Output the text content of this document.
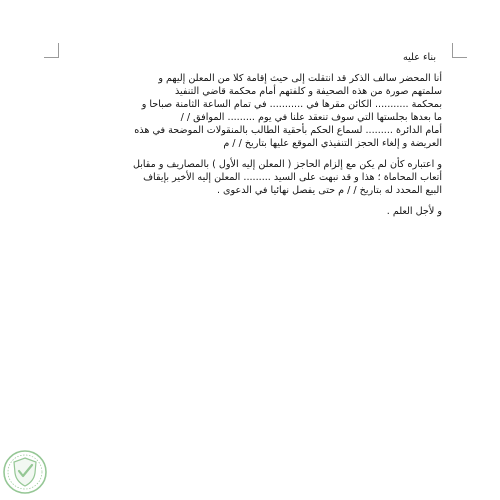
بناء عليه
أنا المحضر سالف الذكر قد انتقلت إلى حيث إقامة كلا من المعلن إليهم و
سلمتهم صورة من هذه الصحيفة و كلفتهم أمام محكمة قاضي التنفيذ
بمحكمة ........... الكائن مقرها في ........... في تمام الساعة الثامنة صباحا و
ما بعدها بجلستها التي سوف تنعقد علنا في يوم ......... الموافق / /
أمام الدائرة ......... لسماع الحكم بأحقية الطالب بالمنقولات الموضحة في هذه
العريضة و إلغاء الحجز التنفيذي الموقع عليها بتاريخ / / م
و اعتباره كأن لم يكن مع إلزام الحاجز ( المعلن إليه الأول ) بالمصاريف و مقابل
أتعاب المحاماة ؛ هذا و قد نبهت على السيد ......... المعلن إليه الأخير بإيقاف
البيع المحدد له بتاريخ / / م حتى يفصل نهائيا في الدعوى .
و لأجل العلم .
